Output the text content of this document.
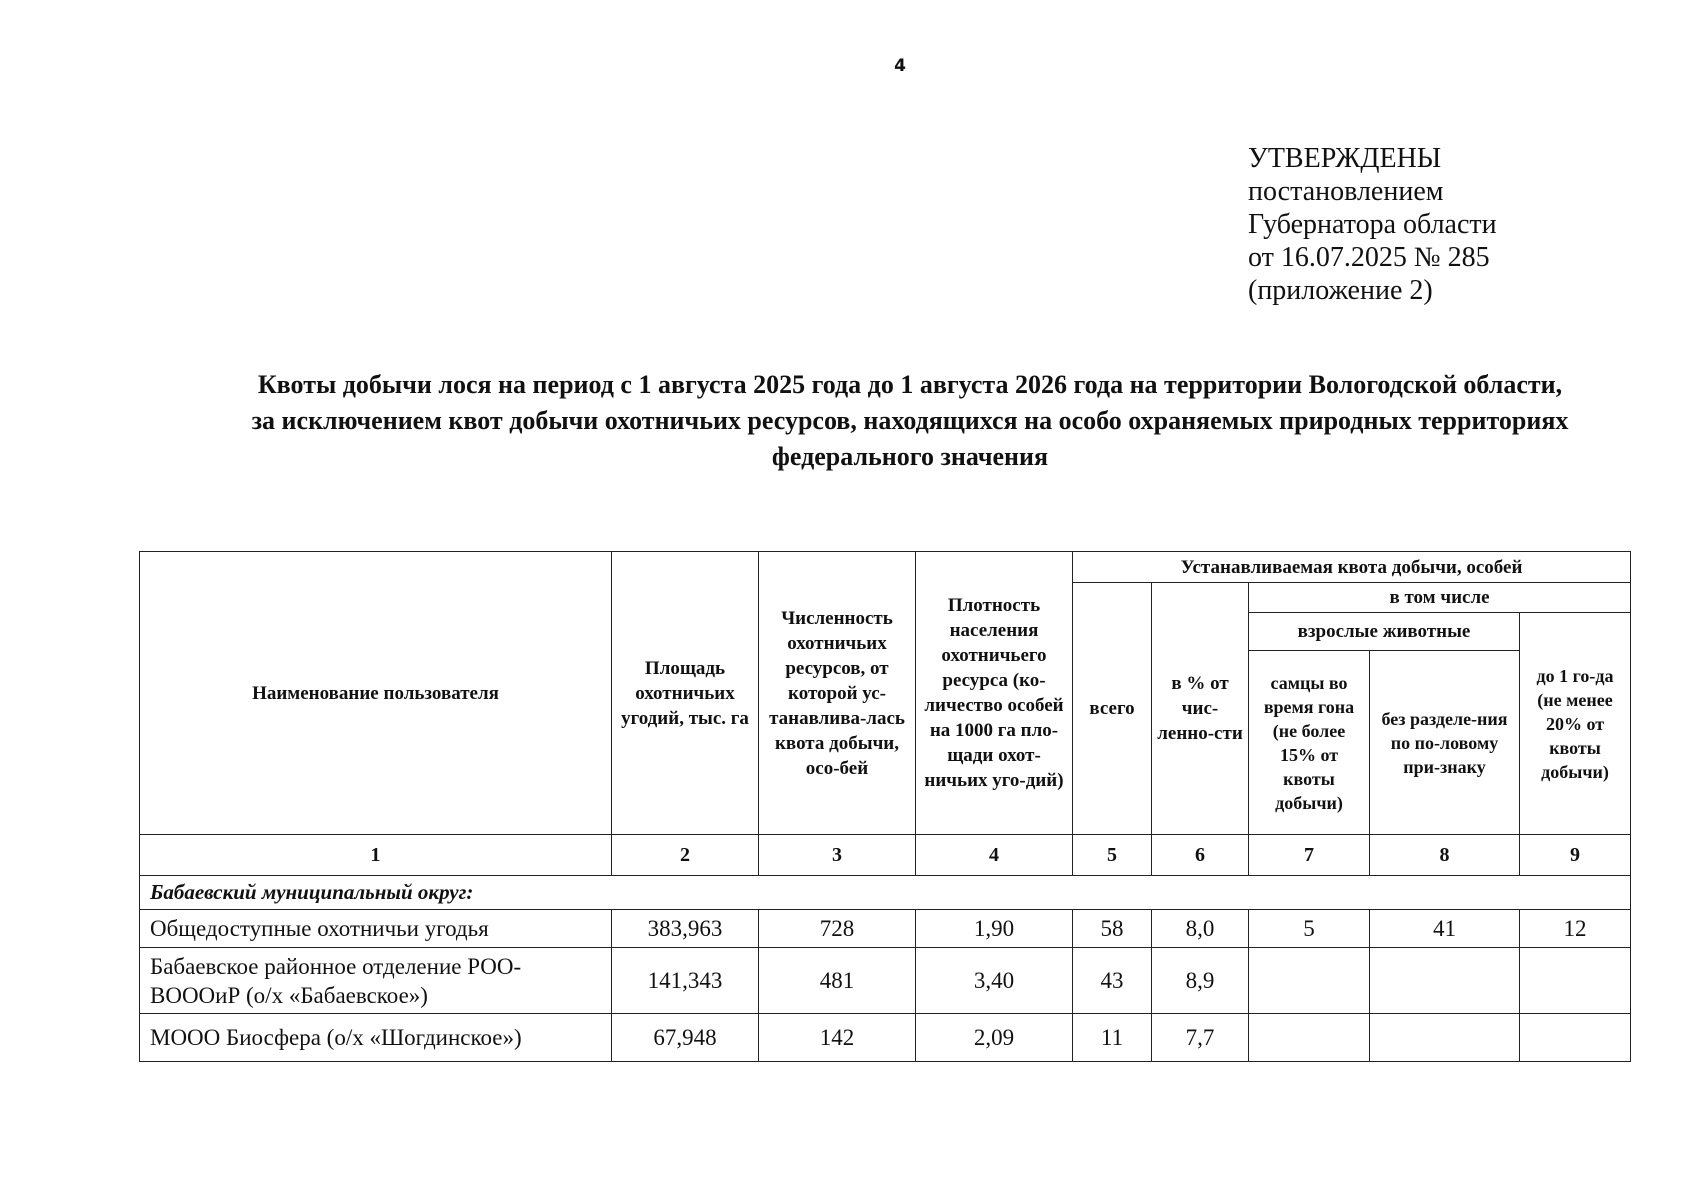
4
УТВЕРЖДЕНЫ
постановлением
Губернатора области
от 16.07.2025 № 285
(приложение 2)
Квоты добычи лося на период с 1 августа 2025 года до 1 августа 2026 года на территории Вологодской области,
за исключением квот добычи охотничьих ресурсов, находящихся на особо охраняемых природных территориях
федерального значения
Наименование пользователя	Площадь охотничьих угодий, тыс. га	Численность охотничьих ресурсов, от которой ус-танавлива-лась квота добычи, осо-бей	Плотность населения охотничьего ресурса (ко-личество особей на 1000 га пло-щади охот-ничьих уго-дий)	Устанавливаемая квота добычи, особей				
				всего	в % от чис-ленно-сти	в том числе		
						взрослые животные		до 1 го-да (не менее 20% от квоты добычи)
						самцы во время гона (не более 15% от квоты добычи)	без разделе-ния по по-ловому при-знаку	
1	2	3	4	5	6	7	8	9
Бабаевский муниципальный округ:								
Общедоступные охотничьи угодья	383,963	728	1,90	58	8,0	5	41	12
Бабаевское районное отделение РОО-ВОООиР (о/х «Бабаевское»)	141,343	481	3,40	43	8,9			
МООО Биосфера (о/х «Шогдинское»)	67,948	142	2,09	11	7,7			
